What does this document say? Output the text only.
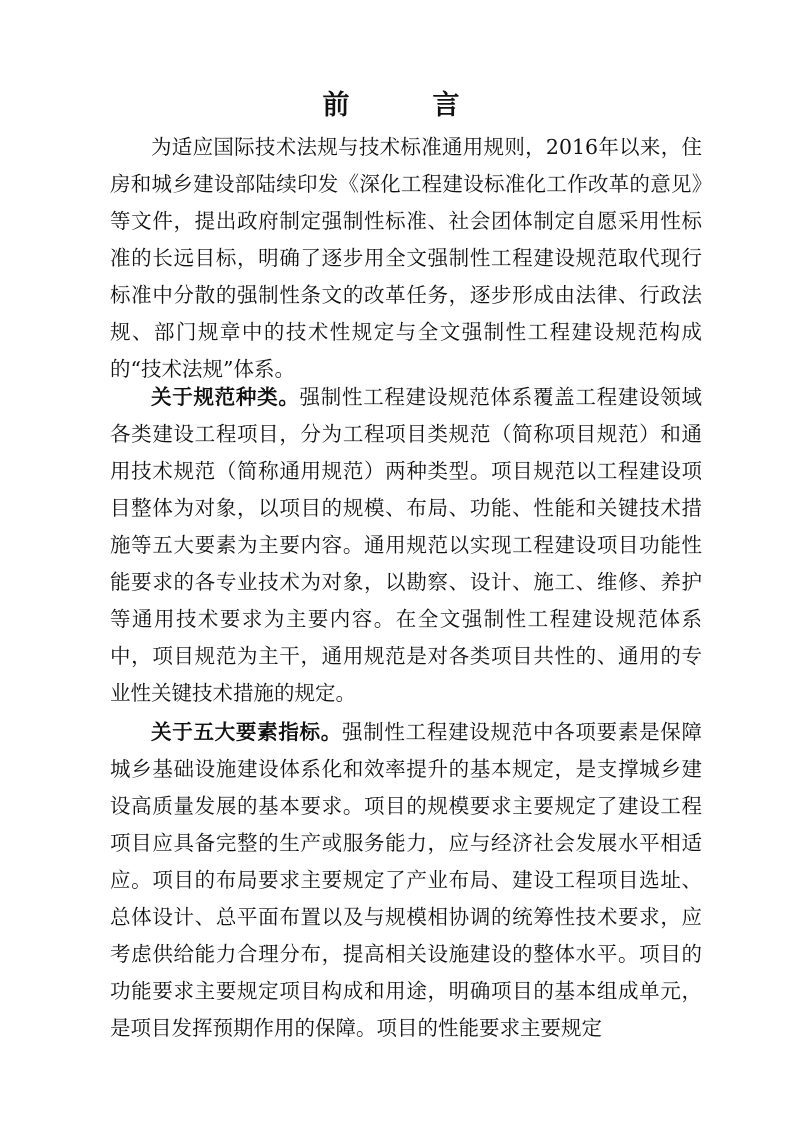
前　言

为适应国际技术法规与技术标准通用规则，2016年以来，住房和城乡建设部陆续印发《深化工程建设标准化工作改革的意见》等文件，提出政府制定强制性标准、社会团体制定自愿采用性标准的长远目标，明确了逐步用全文强制性工程建设规范取代现行标准中分散的强制性条文的改革任务，逐步形成由法律、行政法规、部门规章中的技术性规定与全文强制性工程建设规范构成的“技术法规”体系。

关于规范种类。强制性工程建设规范体系覆盖工程建设领域各类建设工程项目，分为工程项目类规范（简称项目规范）和通用技术规范（简称通用规范）两种类型。项目规范以工程建设项目整体为对象，以项目的规模、布局、功能、性能和关键技术措施等五大要素为主要内容。通用规范以实现工程建设项目功能性能要求的各专业技术为对象，以勘察、设计、施工、维修、养护等通用技术要求为主要内容。在全文强制性工程建设规范体系中，项目规范为主干，通用规范是对各类项目共性的、通用的专业性关键技术措施的规定。

关于五大要素指标。强制性工程建设规范中各项要素是保障城乡基础设施建设体系化和效率提升的基本规定，是支撑城乡建设高质量发展的基本要求。项目的规模要求主要规定了建设工程项目应具备完整的生产或服务能力，应与经济社会发展水平相适应。项目的布局要求主要规定了产业布局、建设工程项目选址、总体设计、总平面布置以及与规模相协调的统筹性技术要求，应考虑供给能力合理分布，提高相关设施建设的整体水平。项目的功能要求主要规定项目构成和用途，明确项目的基本组成单元，是项目发挥预期作用的保障。项目的性能要求主要规定
